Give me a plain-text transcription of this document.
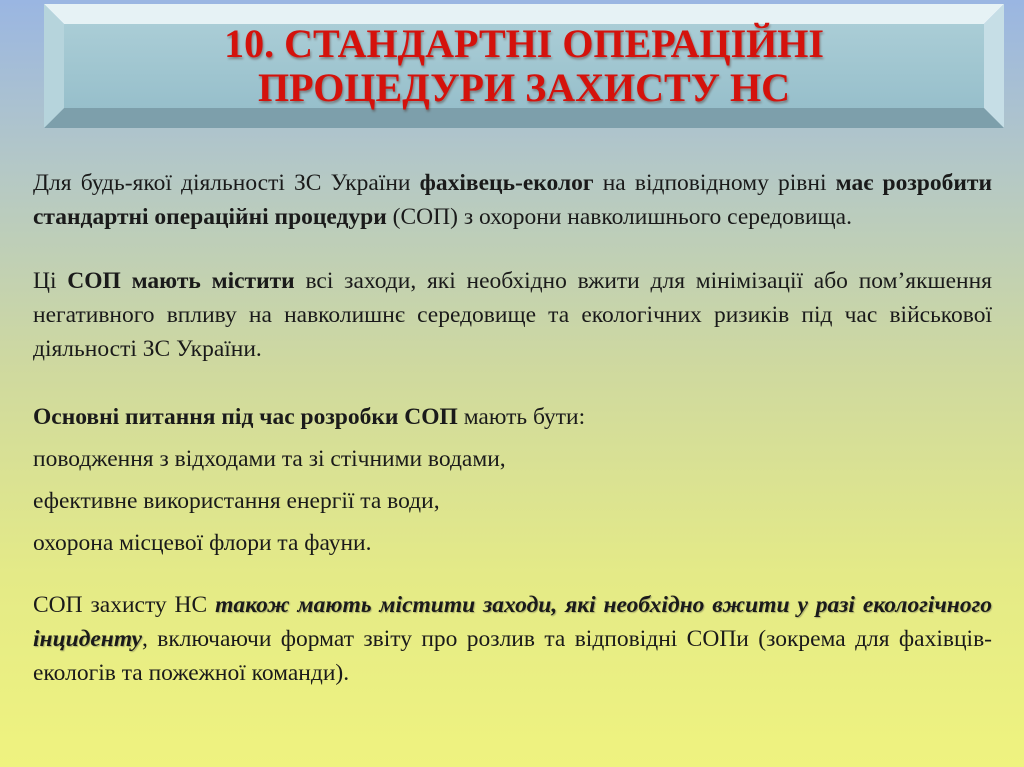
10. СТАНДАРТНІ ОПЕРАЦІЙНІ
ПРОЦЕДУРИ ЗАХИСТУ НС

Для будь-якої діяльності ЗС України фахівець-еколог на відповідному рівні має розробити стандартні операційні процедури (СОП) з охорони навколишнього середовища.

Ці СОП мають містити всі заходи, які необхідно вжити для мінімізації або пом’якшення негативного впливу на навколишнє середовище та екологічних ризиків під час військової діяльності ЗС України.

Основні питання під час розробки СОП мають бути:

поводження з відходами та зі стічними водами,

ефективне використання енергії та води,

охорона місцевої флори та фауни.

СОП захисту НС також мають містити заходи, які необхідно вжити у разі екологічного інциденту, включаючи формат звіту про розлив та відповідні СОПи (зокрема для фахівців-екологів та пожежної команди).
